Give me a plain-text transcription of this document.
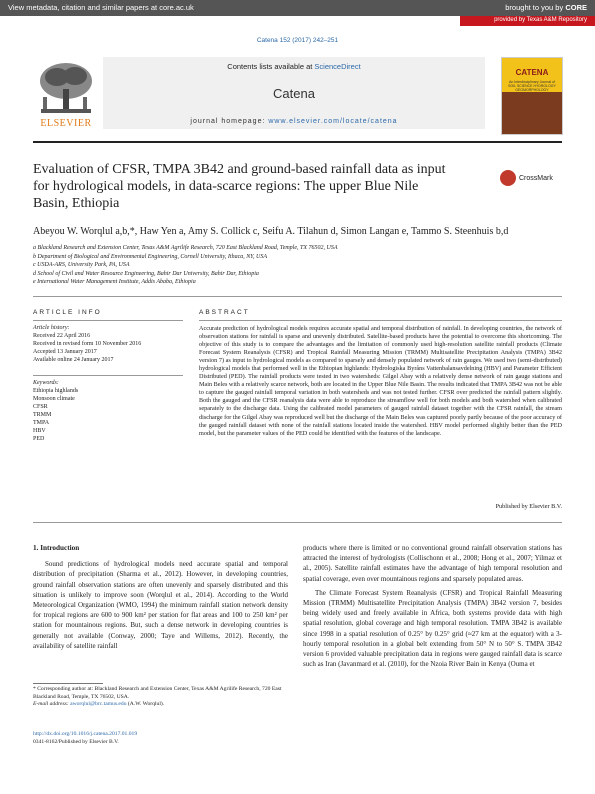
View metadata, citation and similar papers at core.ac.uk	brought to you by CORE
provided by Texas A&M Repository
Catena 152 (2017) 242–251
Contents lists available at ScienceDirect
Catena
journal homepage: www.elsevier.com/locate/catena
ELSEVIER
CATENA
An Interdisciplinary Journal of SOIL SCIENCE HYDROLOGY GEOMORPHOLOGY
Evaluation of CFSR, TMPA 3B42 and ground-based rainfall data as input for hydrological models, in data-scarce regions: The upper Blue Nile Basin, Ethiopia
CrossMark
Abeyou W. Worqlul a,b,*, Haw Yen a, Amy S. Collick c, Seifu A. Tilahun d, Simon Langan e, Tammo S. Steenhuis b,d
a Blackland Research and Extension Center, Texas A&M Agrilife Research, 720 East Blackland Road, Temple, TX 76502, USA
b Department of Biological and Environmental Engineering, Cornell University, Ithaca, NY, USA
c USDA-ARS, University Park, PA, USA
d School of Civil and Water Resource Engineering, Bahir Dar University, Bahir Dar, Ethiopia
e International Water Management Institute, Addis Ababa, Ethiopia
ARTICLE INFO	ABSTRACT
Article history:
Received 22 April 2016
Received in revised form 10 November 2016
Accepted 13 January 2017
Available online 24 January 2017
Keywords:
Ethiopia highlands
Monsoon climate
CFSR
TRMM
TMPA
HBV
PED
Accurate prediction of hydrological models requires accurate spatial and temporal distribution of rainfall. In developing countries, the network of observation stations for rainfall is sparse and unevenly distributed. Satellite-based products have the potential to overcome this shortcoming. The objective of this study is to compare the advantages and the limitation of commonly used high-resolution satellite rainfall products (Climate Forecast System Reanalysis (CFSR) and Tropical Rainfall Measuring Mission (TRMM) Multisatellite Precipitation Analysis (TMPA) 3B42 version 7) as input to hydrological models as compared to sparsely and densely populated network of rain gauges. We used two (semi-distributed) hydrological models that performed well in the Ethiopian highlands: Hydrologiska Byråns Vattenbalansavdelning (HBV) and Parameter Efficient Distributed (PED). The rainfall products were tested in two watersheds: Gilgel Abay with a relatively dense network of rain gauge stations and Main Beles with a relatively scarce network, both are located in the Upper Blue Nile Basin. The results indicated that TMPA 3B42 was not be able to capture the gauged rainfall temporal variation in both watersheds and was not tested further. CFSR over predicted the rainfall pattern slightly. Both the gauged and the CFSR reanalysis data were able to reproduce the streamflow well for both models and both watershed when calibrated separately to the discharge data. Using the calibrated model parameters of gauged rainfall dataset together with the CFSR rainfall, the stream discharge for the Gilgel Abay was reproduced well but the discharge of the Main Beles was captured poorly partly because of the poor accuracy of the gauged rainfall dataset with none of the rainfall stations located inside the watershed. HBV model performed slightly better than the PED model, but the parameter values of the PED could be identified with the features of the landscape.
Published by Elsevier B.V.
1. Introduction

Sound predictions of hydrological models need accurate spatial and temporal distribution of precipitation (Sharma et al., 2012). However, in developing countries, ground rainfall observation stations are often unevenly and sparsely distributed and this situation is unlikely to improve soon (Worqlul et al., 2014). According to the World Meteorological Organization (WMO, 1994) the minimum rainfall station network density for tropical regions are 600 to 900 km² per station for flat areas and 100 to 250 km² per station for mountainous regions. But, such a dense network in developing countries is generally not available (Conway, 2000; Taye and Willems, 2012). Recently, the availability of satellite rainfall

products where there is limited or no conventional ground rainfall observation stations has attracted the interest of hydrologists (Collischonn et al., 2008; Hong et al., 2007; Yilmaz et al., 2005). Satellite rainfall estimates have the advantage of high temporal resolution and spatial coverage, even over mountainous regions and sparsely populated areas.

The Climate Forecast System Reanalysis (CFSR) and Tropical Rainfall Measuring Mission (TRMM) Multisatellite Precipitation Analysis (TMPA) 3B42 version 7, besides being widely used and freely available in Africa, both systems provide data with high spatial resolution, global coverage and high temporal resolution. TMPA 3B42 is available since 1998 in a spatial resolution of 0.25° by 0.25° grid (≈27 km at the equator) with a 3-hourly temporal resolution in a global belt extending from 50° N to 50° S. TMPA 3B42 version 6 provided valuable precipitation data in regions were gauged rainfall data is scarce such as Iran (Javanmard et al. (2010), for the Nzoia River Bain in Kenya (Ouma et

* Corresponding author at: Blackland Research and Extension Center, Texas A&M Agrilife Research, 720 East Blackland Road, Temple, TX 76502, USA.
E-mail address: aworqlul@brc.tamus.edu (A.W. Worqlul).
http://dx.doi.org/10.1016/j.catena.2017.01.019
0341-8162/Published by Elsevier B.V.
